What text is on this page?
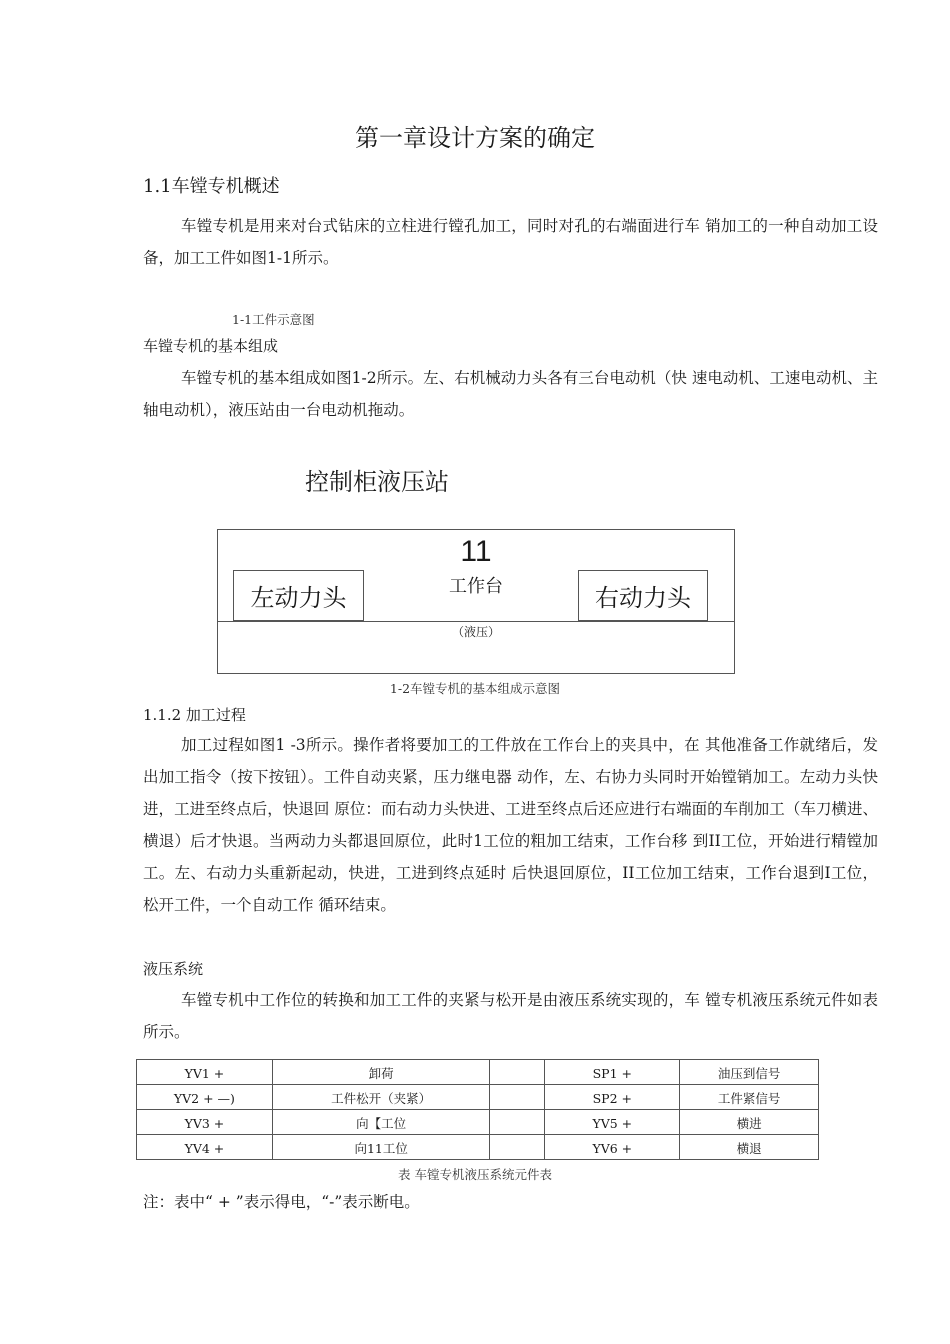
第一章设计方案的确定
1.1车镗专机概述

车镗专机是用来对台式钻床的立柱进行镗孔加工，同时对孔的右端面进行车 销加工的一种自动加工设备，加工工件如图1-1所示。

1-1工件示意图
车镗专机的基本组成

车镗专机的基本组成如图1-2所示。左、右机械动力头各有三台电动机（快 速电动机、工速电动机、主轴电动机），液压站由一台电动机拖动。

控制柜液压站
11
工作台
左动力头	右动力头
（液压）
1-2车镗专机的基本组成示意图
1.1.2 加工过程

加工过程如图1 -3所示。操作者将要加工的工件放在工作台上的夹具中，在 其他准备工作就绪后，发出加工指令（按下按钮）。工件自动夹紧，压力继电器 动作，左、右协力头同时开始镗销加工。左动力头快进，工进至终点后，快退回 原位：而右动力头快进、工进至终点后还应进行右端面的车削加工（车刀横进、 横退）后才快退。当两动力头都退回原位，此时1工位的粗加工结束，工作台移 到II工位，开始进行精镗加工。左、右动力头重新起动，快进，工进到终点延时 后快退回原位，II工位加工结束，工作台退到I工位，松开工件，一个自动工作 循环结束。

液压系统

车镗专机中工作位的转换和加工工件的夹紧与松开是由液压系统实现的，车 镗专机液压系统元件如表所示。

YV1 +	卸荷		SP1 +	油压到信号
YV2 + —)	工件松开（夹紧）		SP2 +	工件紧信号
YV3 +	向【工位		YV5 +	横进
YV4 +	向11工位		YV6 +	横退
表 车镗专机液压系统元件表
注：表中“ + ”表示得电，“-”表示断电。
